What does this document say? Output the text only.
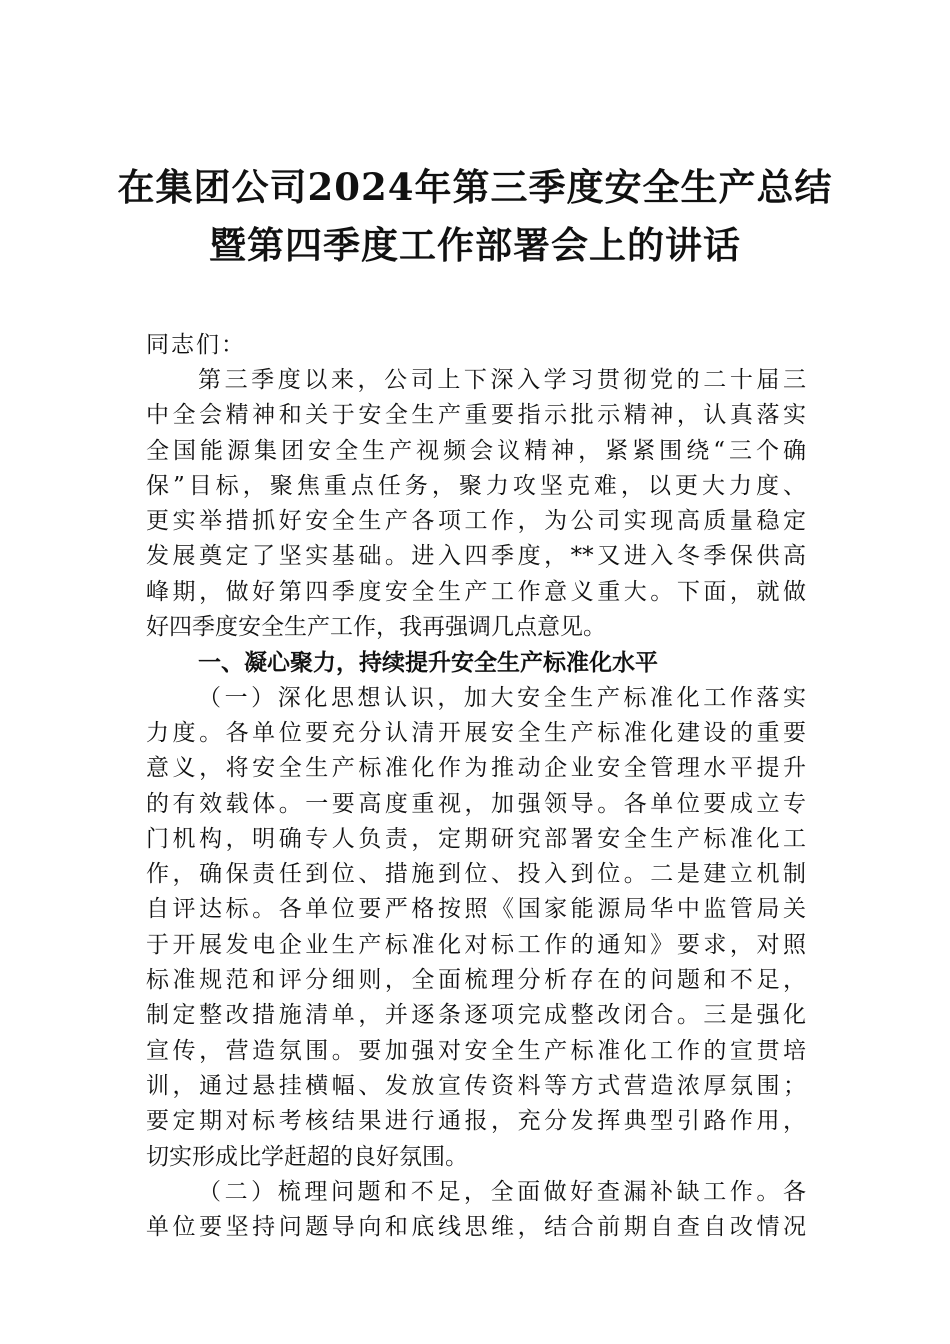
在集团公司2024年第三季度安全生产总结
暨第四季度工作部署会上的讲话
同志们：
第三季度以来，公司上下深入学习贯彻党的二十届三
中全会精神和关于安全生产重要指示批示精神，认真落实
全国能源集团安全生产视频会议精神，紧紧围绕“三个确
保”目标，聚焦重点任务，聚力攻坚克难，以更大力度、
更实举措抓好安全生产各项工作，为公司实现高质量稳定
发展奠定了坚实基础。进入四季度，**又进入冬季保供高
峰期，做好第四季度安全生产工作意义重大。下面，就做
好四季度安全生产工作，我再强调几点意见。
一、凝心聚力，持续提升安全生产标准化水平
（一）深化思想认识，加大安全生产标准化工作落实
力度。各单位要充分认清开展安全生产标准化建设的重要
意义，将安全生产标准化作为推动企业安全管理水平提升
的有效载体。一要高度重视，加强领导。各单位要成立专
门机构，明确专人负责，定期研究部署安全生产标准化工
作，确保责任到位、措施到位、投入到位。二是建立机制
自评达标。各单位要严格按照《国家能源局华中监管局关
于开展发电企业生产标准化对标工作的通知》要求，对照
标准规范和评分细则，全面梳理分析存在的问题和不足，
制定整改措施清单，并逐条逐项完成整改闭合。三是强化
宣传，营造氛围。要加强对安全生产标准化工作的宣贯培
训，通过悬挂横幅、发放宣传资料等方式营造浓厚氛围；
要定期对标考核结果进行通报，充分发挥典型引路作用，
切实形成比学赶超的良好氛围。
（二）梳理问题和不足，全面做好查漏补缺工作。各
单位要坚持问题导向和底线思维，结合前期自查自改情况
